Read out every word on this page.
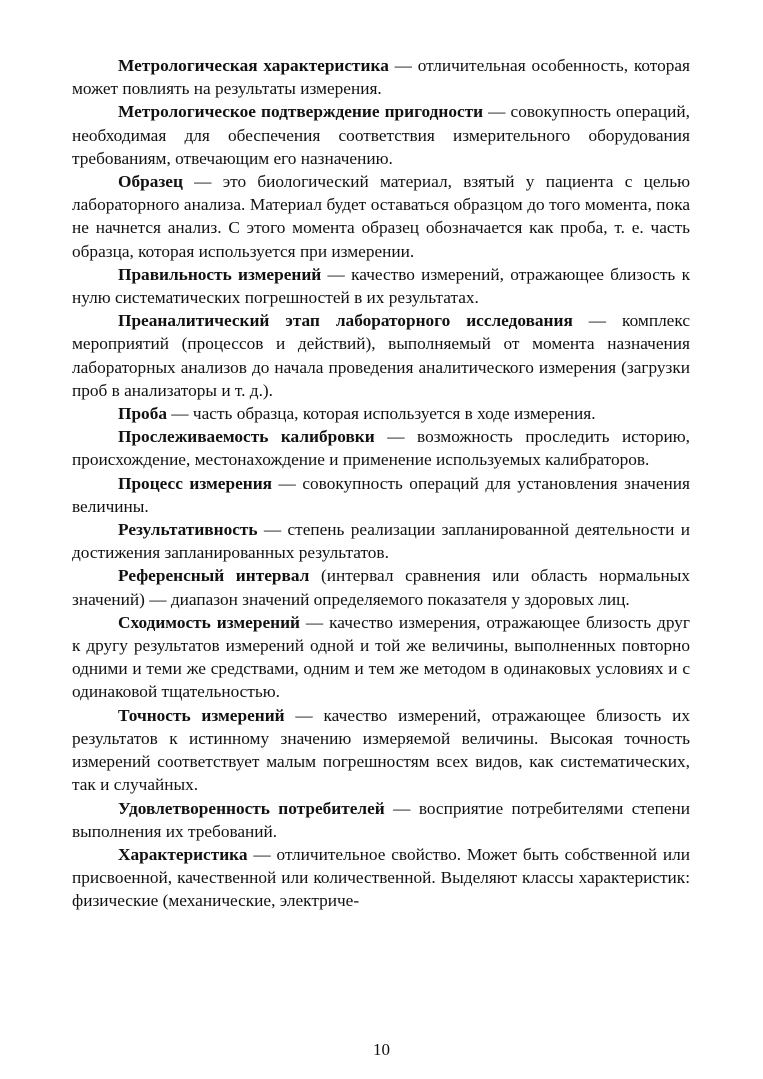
Метрологическая характеристика — отличительная особенность, которая может повлиять на результаты измерения.

Метрологическое подтверждение пригодности — совокупность операций, необходимая для обеспечения соответствия измерительного оборудования требованиям, отвечающим его назначению.

Образец — это биологический материал, взятый у пациента с целью лабораторного анализа. Материал будет оставаться образцом до того момента, пока не начнется анализ. С этого момента образец обозначается как проба, т. е. часть образца, которая используется при измерении.

Правильность измерений — качество измерений, отражающее близость к нулю систематических погрешностей в их результатах.

Преаналитический этап лабораторного исследования — комплекс мероприятий (процессов и действий), выполняемый от момента назначения лабораторных анализов до начала проведения аналитического измерения (загрузки проб в анализаторы и т. д.).

Проба — часть образца, которая используется в ходе измерения.

Прослеживаемость калибровки — возможность проследить историю, происхождение, местонахождение и применение используемых калибраторов.

Процесс измерения — совокупность операций для установления значения величины.

Результативность — степень реализации запланированной деятельности и достижения запланированных результатов.

Референсный интервал (интервал сравнения или область нормальных значений) — диапазон значений определяемого показателя у здоровых лиц.

Сходимость измерений — качество измерения, отражающее близость друг к другу результатов измерений одной и той же величины, выполненных повторно одними и теми же средствами, одним и тем же методом в одинаковых условиях и с одинаковой тщательностью.

Точность измерений — качество измерений, отражающее близость их результатов к истинному значению измеряемой величины. Высокая точность измерений соответствует малым погрешностям всех видов, как систематических, так и случайных.

Удовлетворенность потребителей — восприятие потребителями степени выполнения их требований.

Характеристика — отличительное свойство. Может быть собственной или присвоенной, качественной или количественной. Выделяют классы характеристик: физические (механические, электриче-

10
